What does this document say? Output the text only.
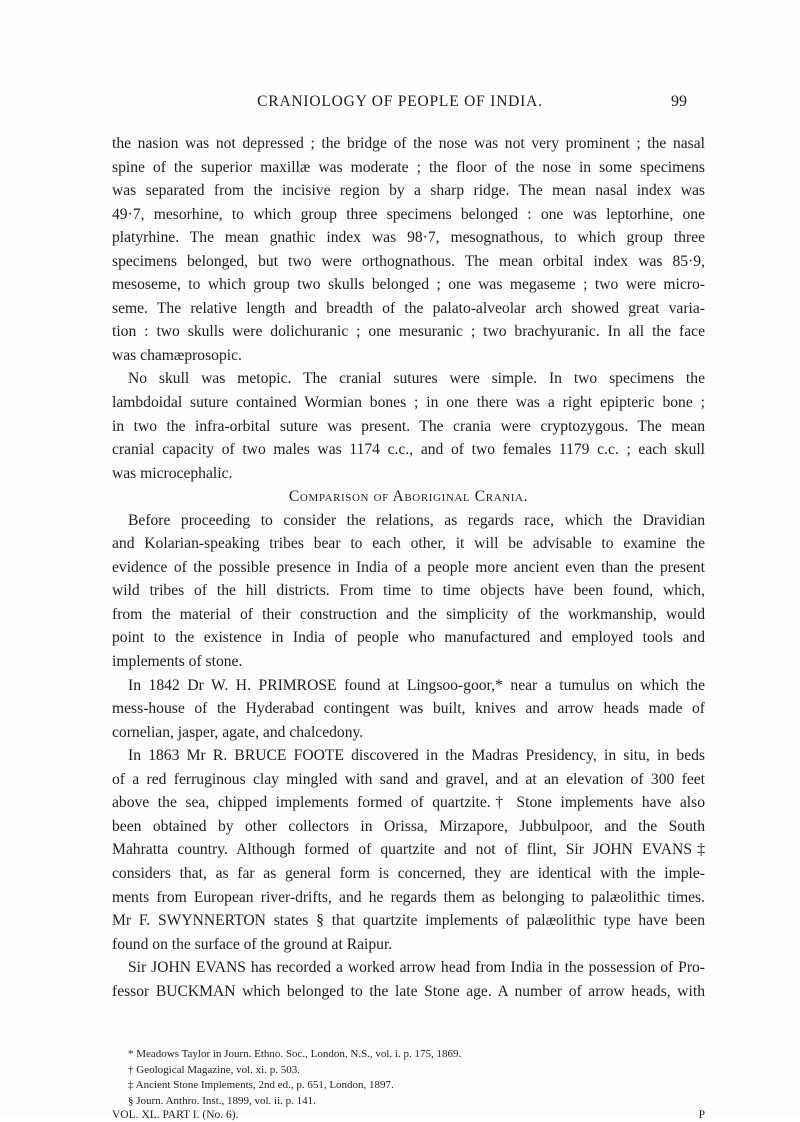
CRANIOLOGY OF PEOPLE OF INDIA.	99
the nasion was not depressed ; the bridge of the nose was not very prominent ; the nasal
spine of the superior maxillæ was moderate ; the floor of the nose in some specimens
was separated from the incisive region by a sharp ridge. The mean nasal index was
49·7, mesorhine, to which group three specimens belonged : one was leptorhine, one
platyrhine. The mean gnathic index was 98·7, mesognathous, to which group three
specimens belonged, but two were orthognathous. The mean orbital index was 85·9,
mesoseme, to which group two skulls belonged ; one was megaseme ; two were micro-
seme. The relative length and breadth of the palato-alveolar arch showed great varia-
tion : two skulls were dolichuranic ; one mesuranic ; two brachyuranic. In all the face
was chamæprosopic.
No skull was metopic. The cranial sutures were simple. In two specimens the
lambdoidal suture contained Wormian bones ; in one there was a right epipteric bone ;
in two the infra-orbital suture was present. The crania were cryptozygous. The mean
cranial capacity of two males was 1174 c.c., and of two females 1179 c.c. ; each skull
was microcephalic.
Comparison of Aboriginal Crania.
Before proceeding to consider the relations, as regards race, which the Dravidian
and Kolarian-speaking tribes bear to each other, it will be advisable to examine the
evidence of the possible presence in India of a people more ancient even than the present
wild tribes of the hill districts. From time to time objects have been found, which,
from the material of their construction and the simplicity of the workmanship, would
point to the existence in India of people who manufactured and employed tools and
implements of stone.
In 1842 Dr W. H. PRIMROSE found at Lingsoo-goor,* near a tumulus on which the
mess-house of the Hyderabad contingent was built, knives and arrow heads made of
cornelian, jasper, agate, and chalcedony.
In 1863 Mr R. BRUCE FOOTE discovered in the Madras Presidency, in situ, in beds
of a red ferruginous clay mingled with sand and gravel, and at an elevation of 300 feet
above the sea, chipped implements formed of quartzite.† Stone implements have also
been obtained by other collectors in Orissa, Mirzapore, Jubbulpoor, and the South
Mahratta country. Although formed of quartzite and not of flint, Sir JOHN EVANS‡
considers that, as far as general form is concerned, they are identical with the imple-
ments from European river-drifts, and he regards them as belonging to palæolithic times.
Mr F. SWYNNERTON states § that quartzite implements of palæolithic type have been
found on the surface of the ground at Raipur.
Sir JOHN EVANS has recorded a worked arrow head from India in the possession of Pro-
fessor BUCKMAN which belonged to the late Stone age. A number of arrow heads, with
* Meadows Taylor in Journ. Ethno. Soc., London, N.S., vol. i. p. 175, 1869.
† Geological Magazine, vol. xi. p. 503.
‡ Ancient Stone Implements, 2nd ed., p. 651, London, 1897.
§ Journ. Anthro. Inst., 1899, vol. ii. p. 141.
VOL. XL. PART I. (No. 6).	P
